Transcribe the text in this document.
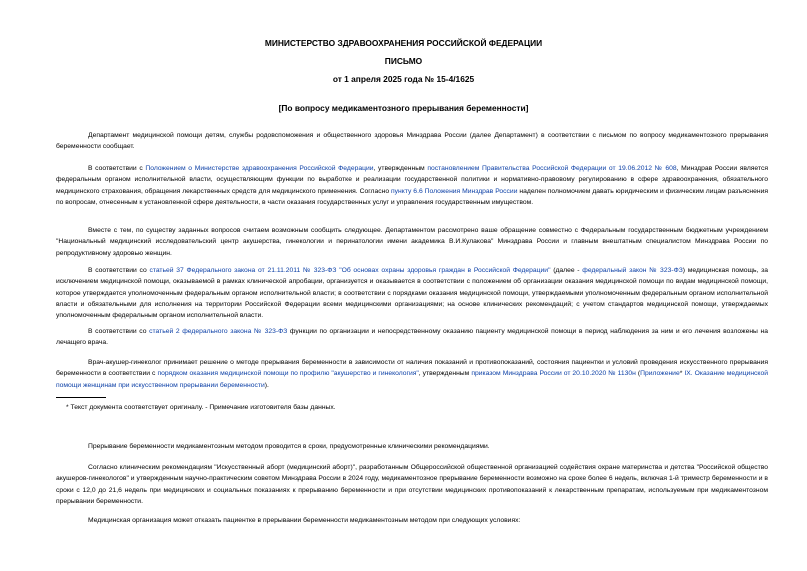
МИНИСТЕРСТВО ЗДРАВООХРАНЕНИЯ РОССИЙСКОЙ ФЕДЕРАЦИИ
ПИСЬМО
от 1 апреля 2025 года № 15-4/1625
[По вопросу медикаментозного прерывания беременности]
Департамент медицинской помощи детям, службы родовспоможения и общественного здоровья Минздрава России (далее Департамент) в соответствии с письмом по вопросу медикаментозного прерывания беременности сообщает.
В соответствии с Положением о Министерстве здравоохранения Российской Федерации, утвержденным постановлением Правительства Российской Федерации от 19.06.2012 № 608, Минздрав России является федеральным органом исполнительной власти, осуществляющим функции по выработке и реализации государственной политики и нормативно-правовому регулированию в сфере здравоохранения, обязательного медицинского страхования, обращения лекарственных средств для медицинского применения. Согласно пункту 6.6 Положения Минздрав России наделен полномочием давать юридическим и физическим лицам разъяснения по вопросам, отнесенным к установленной сфере деятельности, в части оказания государственных услуг и управления государственным имуществом.
Вместе с тем, по существу заданных вопросов считаем возможным сообщить следующее. Департаментом рассмотрено ваше обращение совместно с Федеральным государственным бюджетным учреждением "Национальный медицинский исследовательский центр акушерства, гинекологии и перинатологии имени академика В.И.Кулакова" Минздрава России и главным внештатным специалистом Минздрава России по репродуктивному здоровью женщин.
В соответствии со статьей 37 Федерального закона от 21.11.2011 № 323-ФЗ "Об основах охраны здоровья граждан в Российской Федерации" (далее - федеральный закон № 323-ФЗ) медицинская помощь, за исключением медицинской помощи, оказываемой в рамках клинической апробации, организуется и оказывается в соответствии с положением об организации оказания медицинской помощи по видам медицинской помощи, которое утверждается уполномоченным федеральным органом исполнительной власти; в соответствии с порядками оказания медицинской помощи, утверждаемыми уполномоченным федеральным органом исполнительной власти и обязательными для исполнения на территории Российской Федерации всеми медицинскими организациями; на основе клинических рекомендаций; с учетом стандартов медицинской помощи, утверждаемых уполномоченным федеральным органом исполнительной власти.
В соответствии со статьей 2 федерального закона № 323-ФЗ функции по организации и непосредственному оказанию пациенту медицинской помощи в период наблюдения за ним и его лечения возложены на лечащего врача.
Врач-акушер-гинеколог принимает решение о методе прерывания беременности в зависимости от наличия показаний и противопоказаний, состояния пациентки и условий проведения искусственного прерывания беременности в соответствии с порядком оказания медицинской помощи по профилю "акушерство и гинекология", утвержденным приказом Минздрава России от 20.10.2020 № 1130н (Приложение* IX. Оказание медицинской помощи женщинам при искусственном прерывании беременности).
* Текст документа соответствует оригиналу. - Примечание изготовителя базы данных.
Прерывание беременности медикаментозным методом проводится в сроки, предусмотренные клиническими рекомендациями.
Согласно клиническим рекомендациям "Искусственный аборт (медицинский аборт)", разработанным Общероссийской общественной организацией содействия охране материнства и детства "Российской общество акушеров-гинекологов" и утвержденным научно-практическим советом Минздрава России в 2024 году, медикаментозное прерывание беременности возможно на сроке более 6 недель, включая 1-й триместр беременности и в сроки с 12,0 до 21,6 недель при медицинских и социальных показаниях к прерыванию беременности и при отсутствии медицинских противопоказаний к лекарственным препаратам, используемым при медикаментозном прерывании беременности.
Медицинская организация может отказать пациентке в прерывании беременности медикаментозным методом при следующих условиях:
